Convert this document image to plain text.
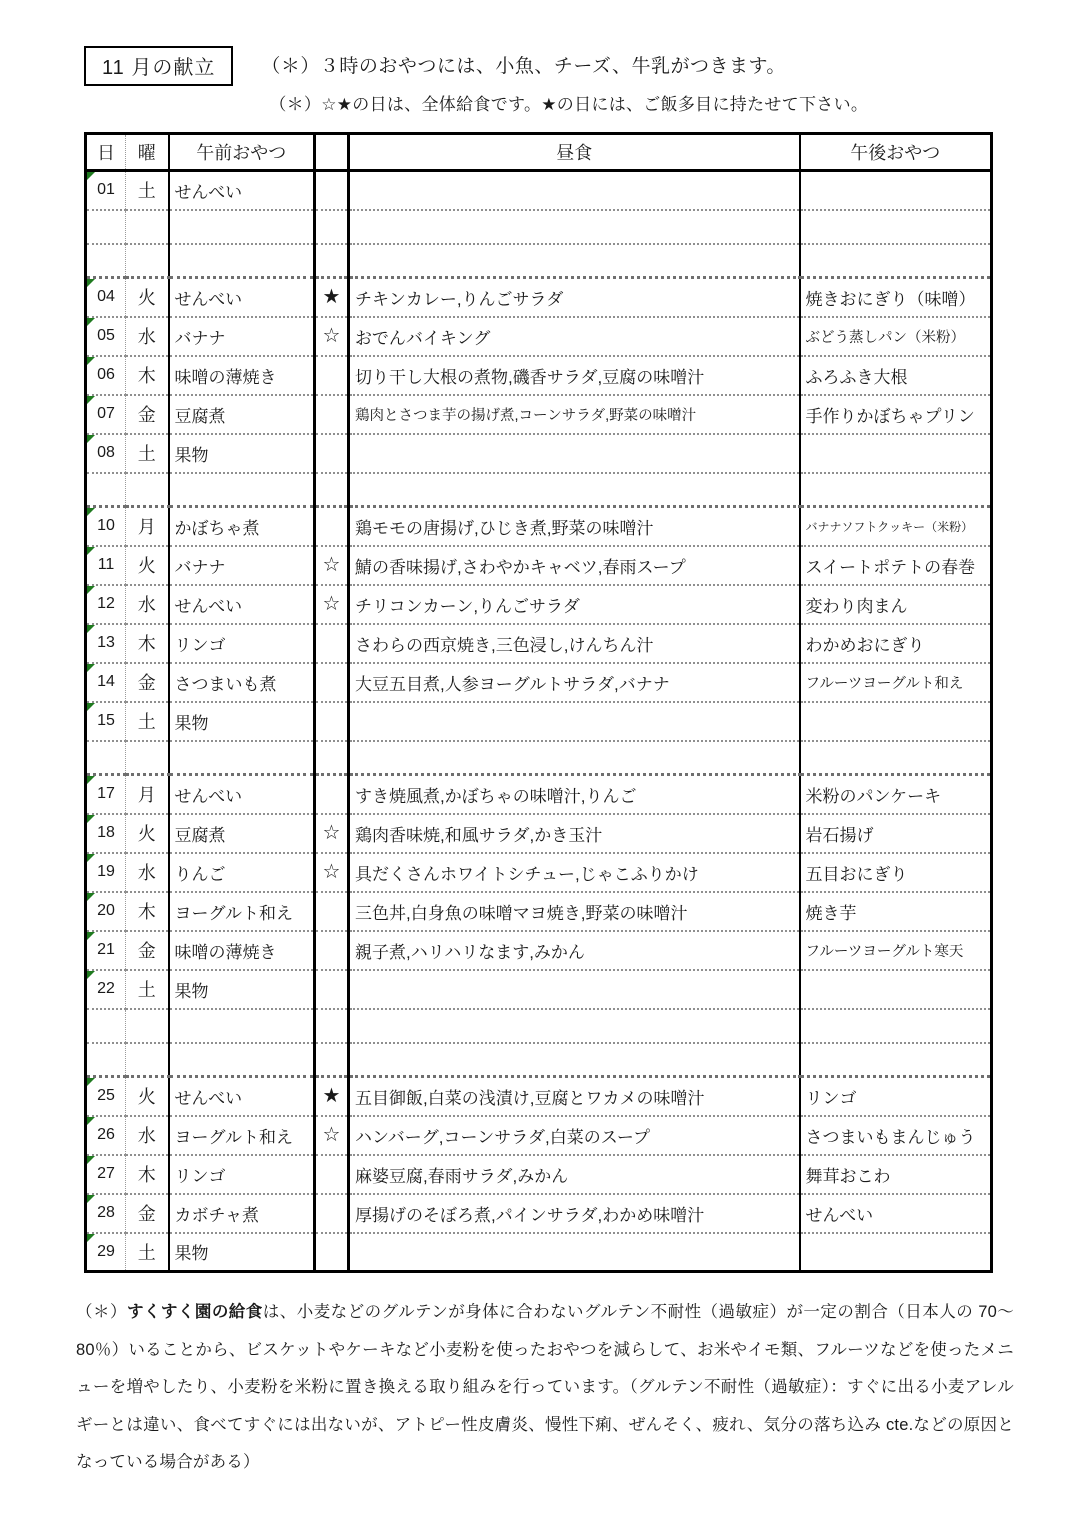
11 月の献立	（＊）３時のおやつには、小魚、チーズ、牛乳がつきます。
（＊）☆★の日は、全体給食です。★の日には、ご飯多目に持たせて下さい。
日	曜	午前おやつ		昼食	午後おやつ

01	土	せんべい			

04	火	せんべい	★	チキンカレー,りんごサラダ	焼きおにぎり（味噌）

05	水	バナナ	☆	おでんバイキング	ぶどう蒸しパン（米粉）

06	木	味噌の薄焼き		切り干し大根の煮物,磯香サラダ,豆腐の味噌汁	ふろふき大根

07	金	豆腐煮		鶏肉とさつま芋の揚げ煮,コーンサラダ,野菜の味噌汁	手作りかぼちゃプリン

08	土	果物			

10	月	かぼちゃ煮		鶏モモの唐揚げ,ひじき煮,野菜の味噌汁	バナナソフトクッキー（米粉）

11	火	バナナ	☆	鯖の香味揚げ,さわやかキャベツ,春雨スープ	スイートポテトの春巻

12	水	せんべい	☆	チリコンカーン,りんごサラダ	変わり肉まん

13	木	リンゴ		さわらの西京焼き,三色浸し,けんちん汁	わかめおにぎり

14	金	さつまいも煮		大豆五目煮,人参ヨーグルトサラダ,バナナ	フルーツヨーグルト和え

15	土	果物			

17	月	せんべい		すき焼風煮,かぼちゃの味噌汁,りんご	米粉のパンケーキ

18	火	豆腐煮	☆	鶏肉香味焼,和風サラダ,かき玉汁	岩石揚げ

19	水	りんご	☆	具だくさんホワイトシチュー,じゃこふりかけ	五目おにぎり

20	木	ヨーグルト和え		三色丼,白身魚の味噌マヨ焼き,野菜の味噌汁	焼き芋

21	金	味噌の薄焼き		親子煮,ハリハリなます,みかん	フルーツヨーグルト寒天

22	土	果物			

25	火	せんべい	★	五目御飯,白菜の浅漬け,豆腐とワカメの味噌汁	リンゴ

26	水	ヨーグルト和え	☆	ハンバーグ,コーンサラダ,白菜のスープ	さつまいもまんじゅう

27	木	リンゴ		麻婆豆腐,春雨サラダ,みかん	舞茸おこわ

28	金	カボチャ煮		厚揚げのそぼろ煮,パインサラダ,わかめ味噌汁	せんべい

29	土	果物			

（＊）すくすく園の給食は、小麦などのグルテンが身体に合わないグルテン不耐性（過敏症）が一定の割合（日本人の 70～80％）いることから、ビスケットやケーキなど小麦粉を使ったおやつを減らして、お米やイモ類、フルーツなどを使ったメニューを増やしたり、小麦粉を米粉に置き換える取り組みを行っています。（グルテン不耐性（過敏症）：すぐに出る小麦アレルギーとは違い、食べてすぐには出ないが、アトピー性皮膚炎、慢性下痢、ぜんそく、疲れ、気分の落ち込み cte.などの原因となっている場合がある）
